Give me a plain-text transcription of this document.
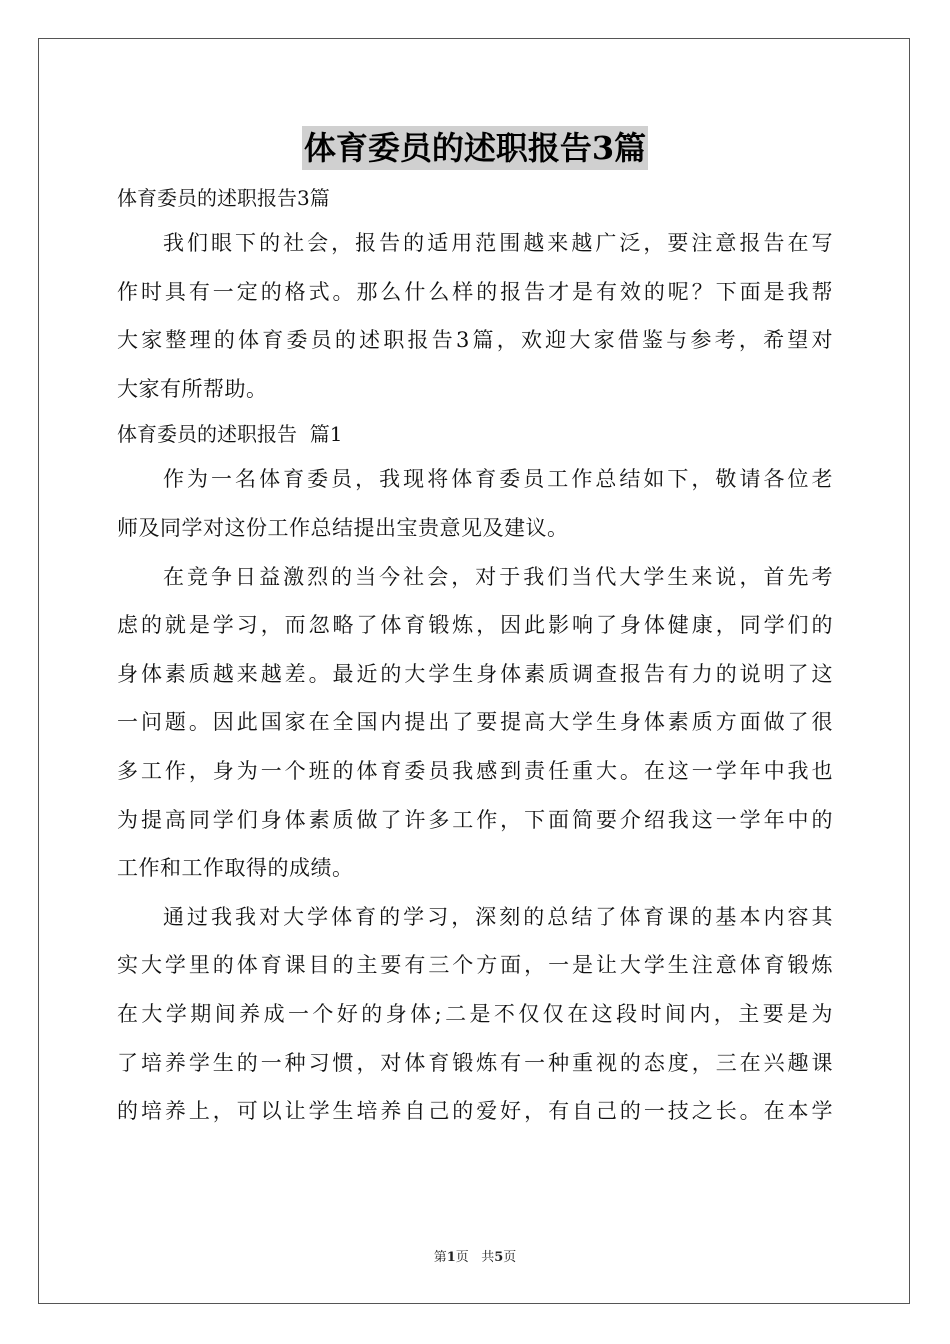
体育委员的述职报告3篇

体育委员的述职报告3篇

我们眼下的社会，报告的适用范围越来越广泛，要注意报告在写

作时具有一定的格式。那么什么样的报告才是有效的呢？下面是我帮

大家整理的体育委员的述职报告3篇，欢迎大家借鉴与参考，希望对

大家有所帮助。

体育委员的述职报告  篇1

作为一名体育委员，我现将体育委员工作总结如下，敬请各位老

师及同学对这份工作总结提出宝贵意见及建议。

在竞争日益激烈的当今社会，对于我们当代大学生来说，首先考

虑的就是学习，而忽略了体育锻炼，因此影响了身体健康，同学们的

身体素质越来越差。最近的大学生身体素质调查报告有力的说明了这

一问题。因此国家在全国内提出了要提高大学生身体素质方面做了很

多工作，身为一个班的体育委员我感到责任重大。在这一学年中我也

为提高同学们身体素质做了许多工作，下面简要介绍我这一学年中的

工作和工作取得的成绩。

通过我我对大学体育的学习，深刻的总结了体育课的基本内容其

实大学里的体育课目的主要有三个方面，一是让大学生注意体育锻炼

在大学期间养成一个好的身体;二是不仅仅在这段时间内，主要是为

了培养学生的一种习惯，对体育锻炼有一种重视的态度，三在兴趣课

的培养上，可以让学生培养自己的爱好，有自己的一技之长。在本学

第1页 共5页
